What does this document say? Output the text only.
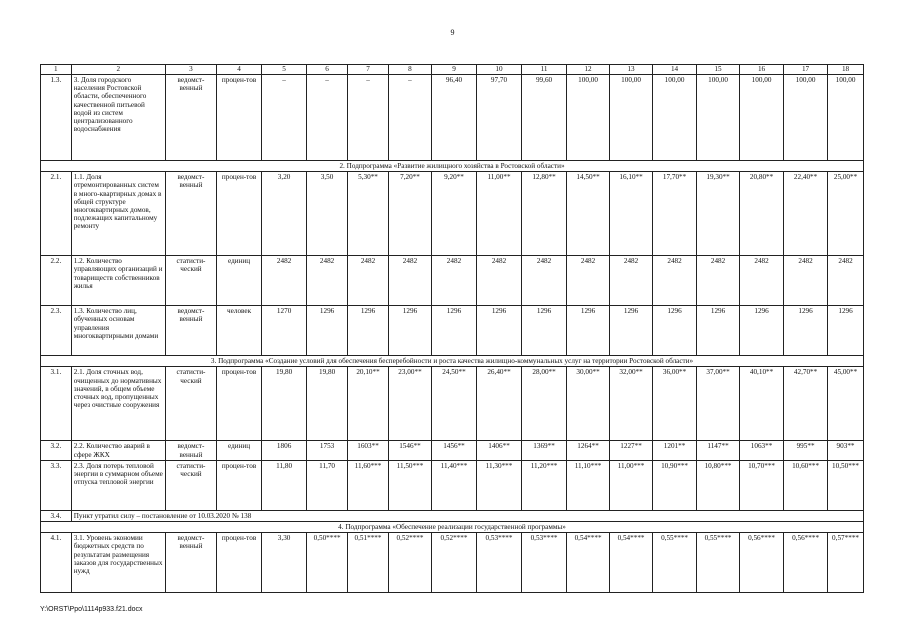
9
1	2	3	4	5	6	7	8	9	10	11	12	13	14	15	16	17	18
1.3.	3. Доля городского населения Ростовской области, обеспеченного качественной питьевой водой из систем централизованного водоснабжения	ведомст-венный	процен-тов	–	–	–	–	96,40	97,70	99,60	100,00	100,00	100,00	100,00	100,00	100,00	100,00
2. Подпрограмма «Развитие жилищного хозяйства в Ростовской области»																	
2.1.	1.1. Доля отремонтированных систем в много-квартирных домах в общей структуре многоквартирных домов, подлежащих капитальному ремонту	ведомст-венный	процен-тов	3,20	3,50	5,30**	7,20**	9,20**	11,00**	12,80**	14,50**	16,10**	17,70**	19,30**	20,80**	22,40**	25,00**
2.2.	1.2. Количество управляющих организаций и товариществ собственников жилья	статисти-ческий	единиц	2482	2482	2482	2482	2482	2482	2482	2482	2482	2482	2482	2482	2482	2482
2.3.	1.3. Количество лиц, обученных основам управления многоквартирными домами	ведомст-венный	человек	1270	1296	1296	1296	1296	1296	1296	1296	1296	1296	1296	1296	1296	1296
3. Подпрограмма «Создание условий для обеспечения бесперебойности и роста качества жилищно-коммунальных услуг на территории Ростовской области»																	
3.1.	2.1. Доля сточных вод, очищенных до нормативных значений, в общем объеме сточных вод, пропущенных через очистные сооружения	статисти-ческий	процен-тов	19,80	19,80	20,10**	23,00**	24,50**	26,40**	28,00**	30,00**	32,00**	36,00**	37,00**	40,10**	42,70**	45,00**
3.2.	2.2. Количество аварий в сфере ЖКХ	ведомст-венный	единиц	1806	1753	1603**	1546**	1456**	1406**	1369**	1264**	1227**	1201**	1147**	1063**	995**	903**
3.3.	2.3. Доля потерь тепловой энергии в суммарном объеме отпуска тепловой энергии	статисти-ческий	процен-тов	11,80	11,70	11,60***	11,50***	11,40***	11,30***	11,20***	11,10***	11,00***	10,90***	10,80***	10,70***	10,60***	10,50***
3.4.	Пункт утратил силу – постановление от 10.03.2020 № 138																
4. Подпрограмма «Обеспечение реализации государственной программы»																	
4.1.	3.1. Уровень экономии бюджетных средств по результатам размещения заказов для государственных нужд	ведомст-венный	процен-тов	3,30	0,50****	0,51****	0,52****	0,52****	0,53****	0,53****	0,54****	0,54****	0,55****	0,55****	0,56****	0,56****	0,57****
Y:\ORST\Ppo\1114p933.f21.docx
